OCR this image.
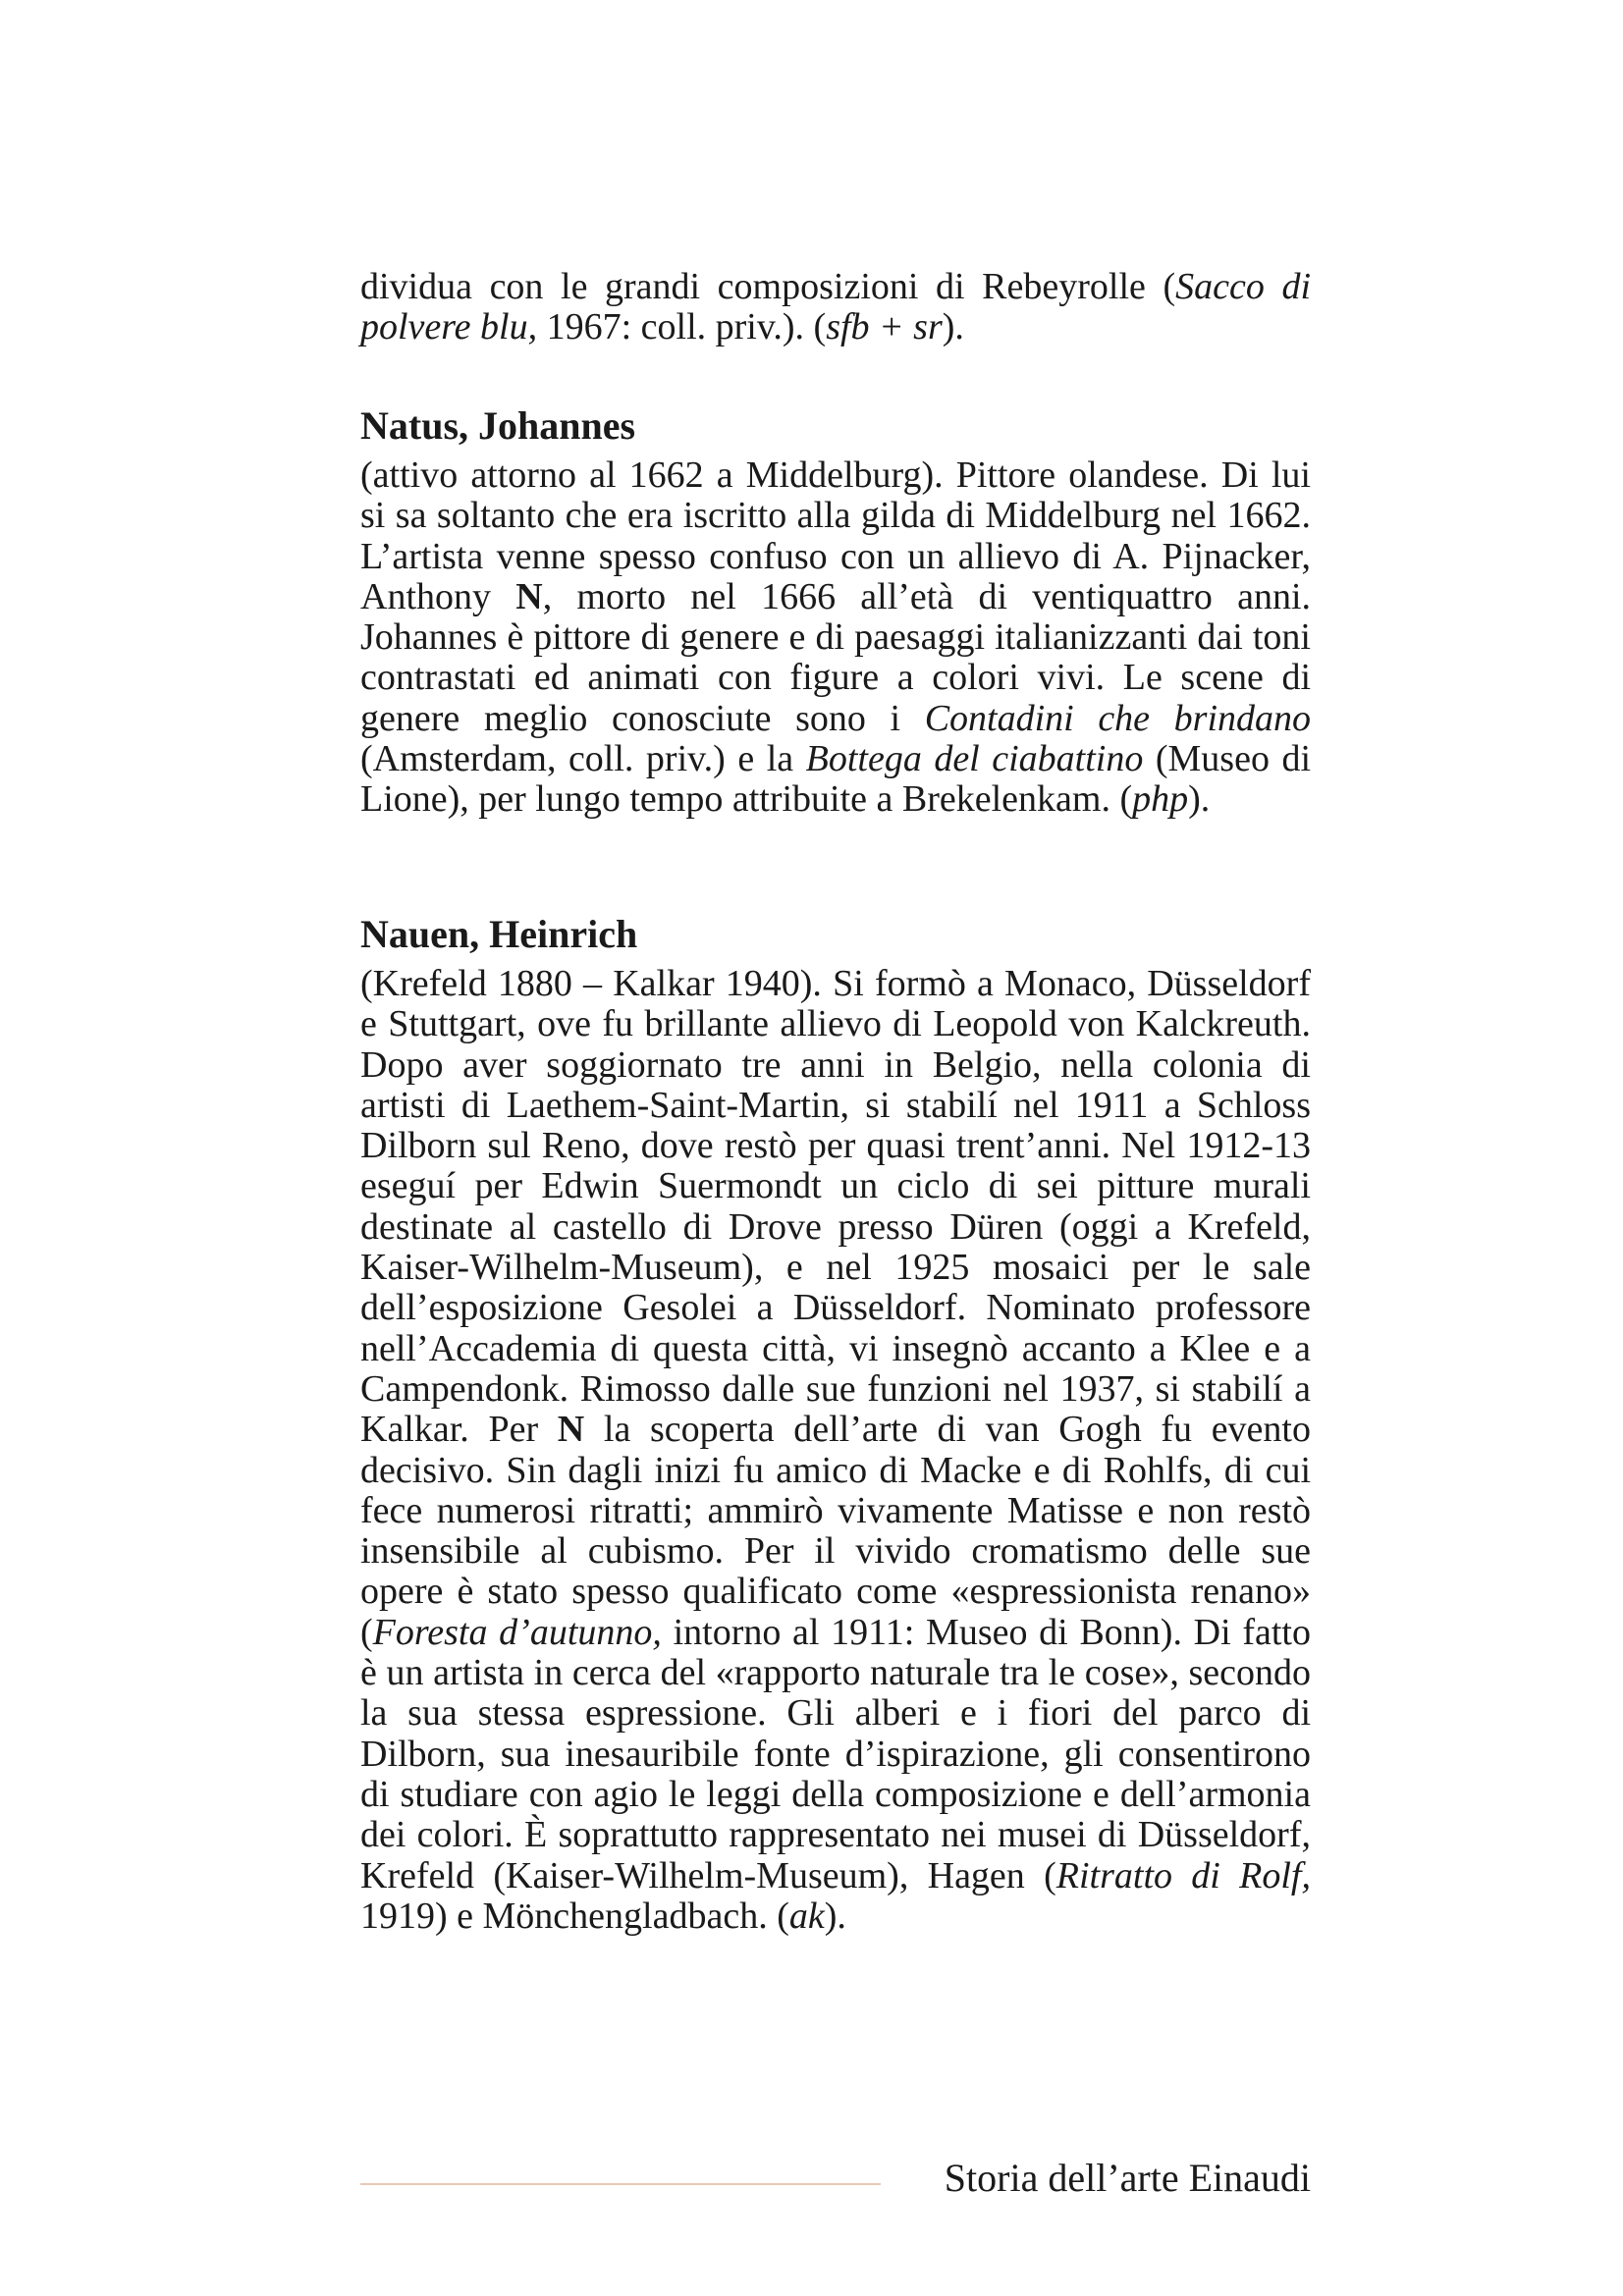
dividua con le grandi composizioni di Rebeyrolle (Sacco di polvere blu, 1967: coll. priv.). (sfb + sr).

Natus, Johannes

(attivo attorno al 1662 a Middelburg). Pittore olandese. Di lui si sa soltanto che era iscritto alla gilda di Middelburg nel 1662. L’artista venne spesso confuso con un allievo di A. Pijnacker, Anthony N, morto nel 1666 all’età di ventiquattro anni. Johannes è pittore di genere e di paesaggi italianizzanti dai toni contrastati ed animati con figure a colori vivi. Le scene di genere meglio conosciute sono i Contadini che brindano (Amsterdam, coll. priv.) e la Bottega del ciabattino (Museo di Lione), per lungo tempo attribuite a Brekelenkam. (php).

Nauen, Heinrich

(Krefeld 1880 – Kalkar 1940). Si formò a Monaco, Düsseldorf e Stuttgart, ove fu brillante allievo di Leopold von Kalckreuth. Dopo aver soggiornato tre anni in Belgio, nella colonia di artisti di Laethem-Saint-Martin, si stabilí nel 1911 a Schloss Dilborn sul Reno, dove restò per quasi trent’anni. Nel 1912-13 eseguí per Edwin Suermondt un ciclo di sei pitture murali destinate al castello di Drove presso Düren (oggi a Krefeld, Kaiser-Wilhelm-Museum), e nel 1925 mosaici per le sale dell’esposizione Gesolei a Düsseldorf. Nominato professore nell’Accademia di questa città, vi insegnò accanto a Klee e a Campendonk. Rimosso dalle sue funzioni nel 1937, si stabilí a Kalkar. Per N la scoperta dell’arte di van Gogh fu evento decisivo. Sin dagli inizi fu amico di Macke e di Rohlfs, di cui fece numerosi ritratti; ammirò vivamente Matisse e non restò insensibile al cubismo. Per il vivido cromatismo delle sue opere è stato spesso qualificato come «espressionista renano» (Foresta d’autunno, intorno al 1911: Museo di Bonn). Di fatto è un artista in cerca del «rapporto naturale tra le cose», secondo la sua stessa espressione. Gli alberi e i fiori del parco di Dilborn, sua inesauribile fonte d’ispirazione, gli consentirono di studiare con agio le leggi della composizione e dell’armonia dei colori. È soprattutto rappresentato nei musei di Düsseldorf, Krefeld (Kaiser-Wilhelm-Museum), Hagen (Ritratto di Rolf, 1919) e Mönchengladbach. (ak).

Storia dell’arte Einaudi
